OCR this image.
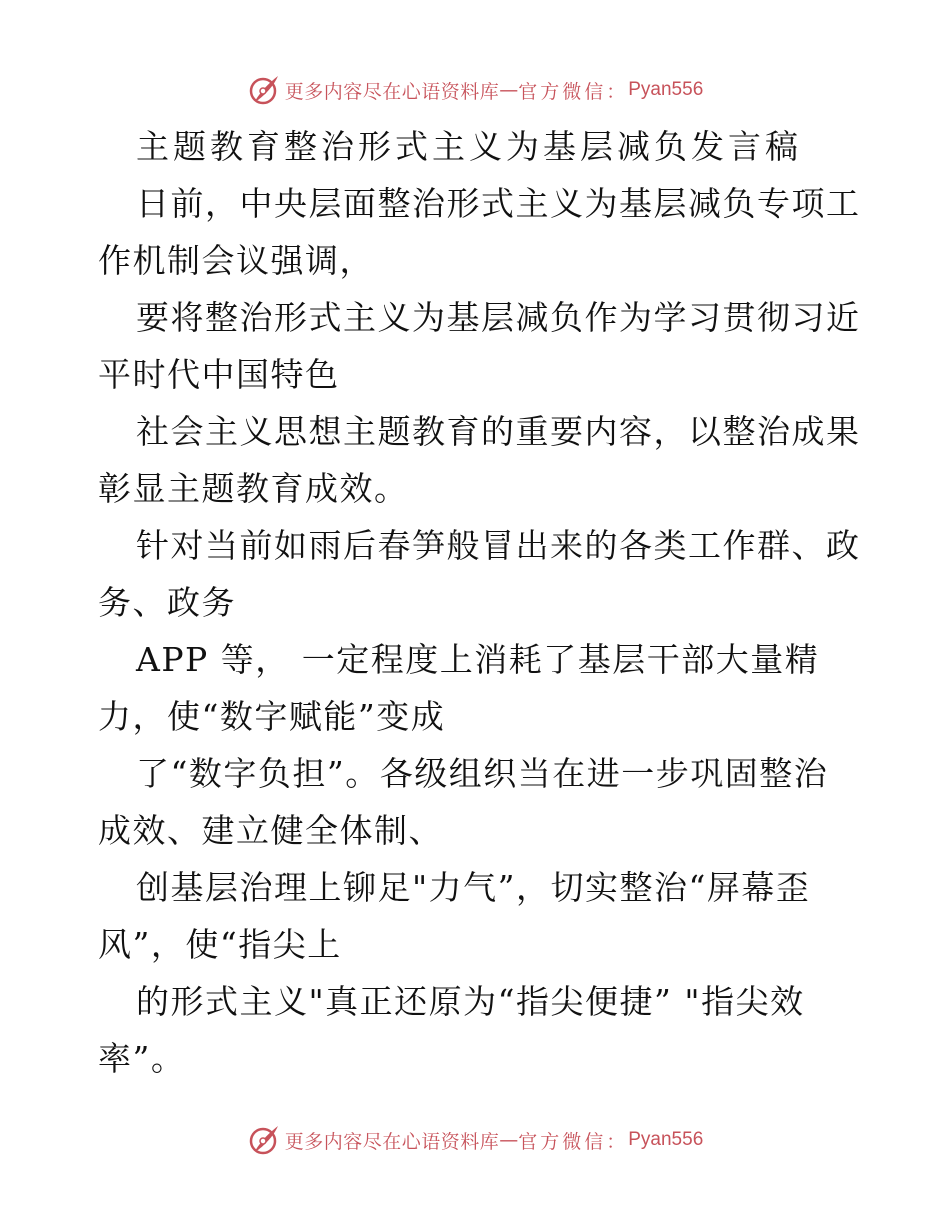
更多内容尽在心语资料库 — 官方微信： Pyan556
主题教育整治形式主义为基层减负发言稿
日前，中央层面整治形式主义为基层减负专项工
作机制会议强调，
要将整治形式主义为基层减负作为学习贯彻习近
平时代中国特色
社会主义思想主题教育的重要内容，以整治成果
彰显主题教育成效。
针对当前如雨后春笋般冒出来的各类工作群、政
务、政务
APP 等， 一定程度上消耗了基层干部大量精
力，使“数字赋能”变成
了“数字负担”。各级组织当在进一步巩固整治
成效、建立健全体制、
创基层治理上铆足"力气”，切实整治“屏幕歪
风”，使“指尖上
的形式主义"真正还原为“指尖便捷” "指尖效
率”。
更多内容尽在心语资料库 — 官方微信： Pyan556
